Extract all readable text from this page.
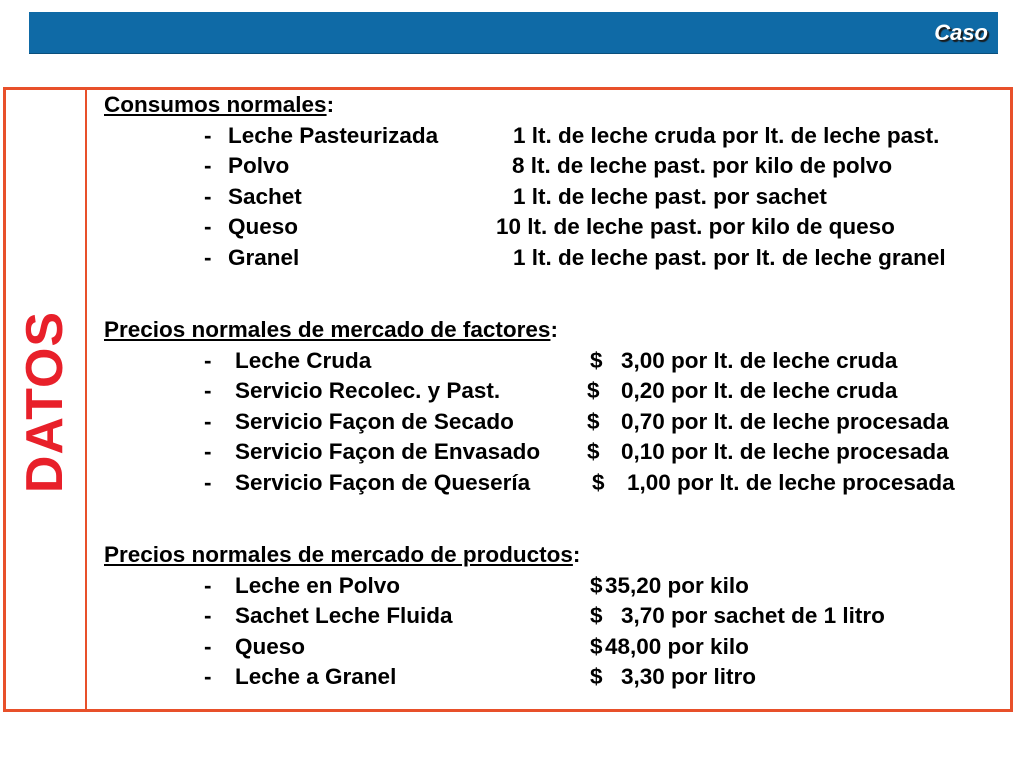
Caso
DATOS
Consumos normales:
- Leche Pasteurizada	1 lt. de leche cruda por lt. de leche past.
- Polvo	8 lt. de leche past. por kilo de polvo
- Sachet	1 lt. de leche past. por sachet
- Queso	10 lt. de leche past. por kilo de queso
- Granel	1 lt. de leche past. por lt. de leche granel
Precios normales de mercado de factores:
- Leche Cruda	$ 3,00 por lt. de leche cruda
- Servicio Recolec. y Past.	$ 0,20 por lt. de leche cruda
- Servicio Façon de Secado	$ 0,70 por lt. de leche procesada
- Servicio Façon de Envasado $ 0,10 por lt. de leche procesada
- Servicio Façon de Quesería	$ 1,00 por lt. de leche procesada
Precios normales de mercado de productos:
- Leche en Polvo	$ 35,20 por kilo
- Sachet Leche Fluida	$ 3,70 por sachet de 1 litro
- Queso	$ 48,00 por kilo
- Leche a Granel	$ 3,30 por litro
